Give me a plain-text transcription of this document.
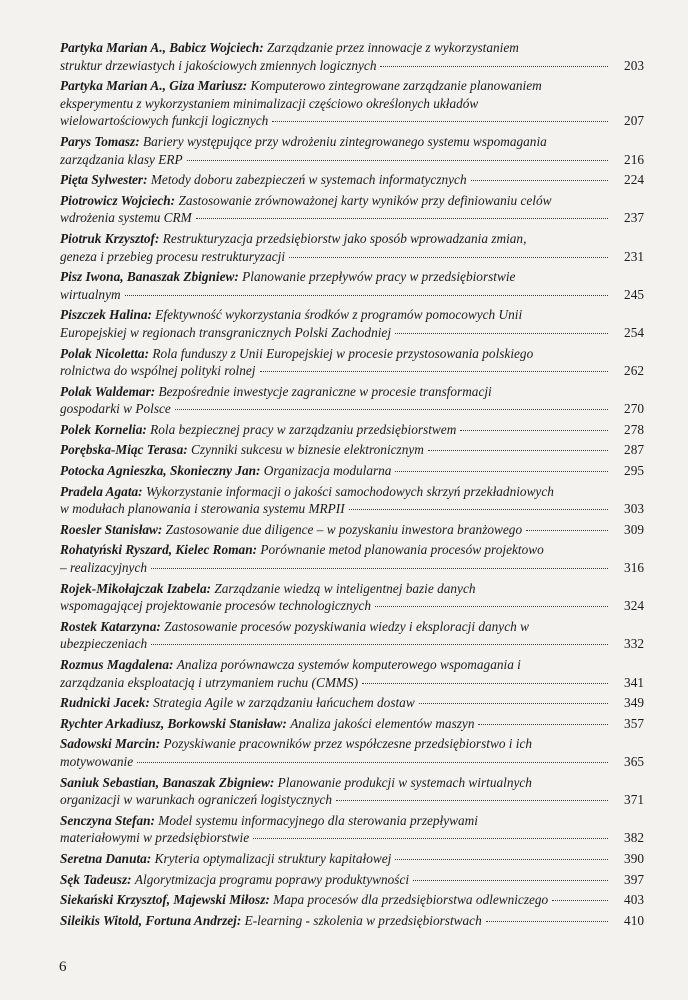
Partyka Marian A., Babicz Wojciech:
Zarządzanie przez innowacje z wykorzystaniem
struktur drzewiastych i jakościowych zmiennych logicznych	203
Partyka Marian A., Giza Mariusz:
Komputerowo zintegrowane zarządzanie planowaniem
eksperymentu z wykorzystaniem minimalizacji częściowo określonych układów
wielowartościowych funkcji logicznych	207
Parys Tomasz:
Bariery występujące przy wdrożeniu zintegrowanego systemu wspomagania
zarządzania klasy ERP	216
Pięta Sylwester:
Metody doboru zabezpieczeń w systemach informatycznych	224
Piotrowicz Wojciech:
Zastosowanie zrównoważonej karty wyników przy definiowaniu celów
wdrożenia systemu CRM	237
Piotruk Krzysztof:
Restrukturyzacja przedsiębiorstw jako sposób wprowadzania zmian,
geneza i przebieg procesu restrukturyzacji	231
Pisz Iwona, Banaszak Zbigniew:
Planowanie przepływów pracy w przedsiębiorstwie
wirtualnym	245
Piszczek Halina:
Efektywność wykorzystania środków z programów pomocowych Unii
Europejskiej w regionach transgranicznych Polski Zachodniej	254
Polak Nicoletta:
Rola funduszy z Unii Europejskiej w procesie przystosowania polskiego
rolnictwa do wspólnej polityki rolnej	262
Polak Waldemar:
Bezpośrednie inwestycje zagraniczne w procesie transformacji
gospodarki w Polsce	270
Polek Kornelia:
Rola bezpiecznej pracy w zarządzaniu przedsiębiorstwem	278
Porębska-Miąc Terasa:
Czynniki sukcesu w biznesie elektronicznym	287
Potocka Agnieszka, Skonieczny Jan:
Organizacja modularna	295
Pradela Agata:
Wykorzystanie informacji o jakości samochodowych skrzyń przekładniowych
w modułach planowania i sterowania systemu MRPII	303
Roesler Stanisław:
Zastosowanie due diligence – w pozyskaniu inwestora branżowego	309
Rohatyński Ryszard, Kielec Roman:
Porównanie metod planowania procesów projektowo
– realizacyjnych	316
Rojek-Mikołajczak Izabela:
Zarządzanie wiedzą w inteligentnej bazie danych
wspomagającej projektowanie procesów technologicznych	324
Rostek Katarzyna:
Zastosowanie procesów pozyskiwania wiedzy i eksploracji danych w
ubezpieczeniach	332
Rozmus Magdalena:
Analiza porównawcza systemów komputerowego wspomagania i
zarządzania eksploatacją i utrzymaniem ruchu (CMMS)	341
Rudnicki Jacek:
Strategia Agile w zarządzaniu łańcuchem dostaw	349
Rychter Arkadiusz, Borkowski Stanisław:
Analiza jakości elementów maszyn	357
Sadowski Marcin:
Pozyskiwanie pracowników przez współczesne przedsiębiorstwo i ich
motywowanie	365
Saniuk Sebastian, Banaszak Zbigniew:
Planowanie produkcji w systemach wirtualnych
organizacji w warunkach ograniczeń logistycznych	371
Senczyna Stefan:
Model systemu informacyjnego dla sterowania przepływami
materiałowymi w przedsiębiorstwie	382
Seretna Danuta:
Kryteria optymalizacji struktury kapitałowej	390
Sęk Tadeusz:
Algorytmizacja programu poprawy produktywności	397
Siekański Krzysztof, Majewski Miłosz:
Mapa procesów dla przedsiębiorstwa odlewniczego	403
Sileikis Witold, Fortuna Andrzej:
E-learning - szkolenia w przedsiębiorstwach	410
6
